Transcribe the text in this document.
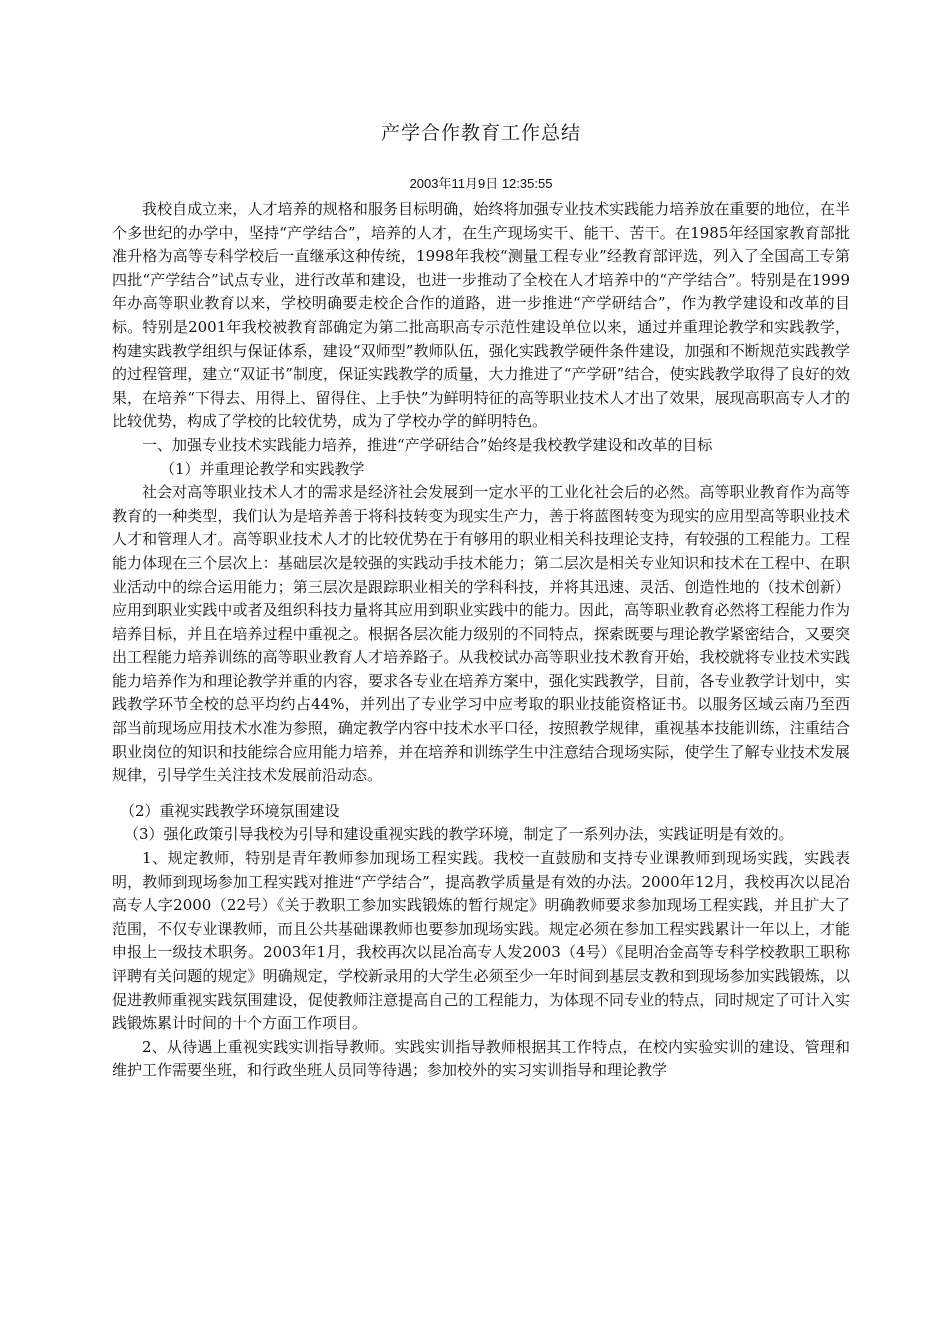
产学合作教育工作总结
2003年11月9日 12:35:55

我校自成立来，人才培养的规格和服务目标明确，始终将加强专业技术实践能力培养放在重要的地位，在半个多世纪的办学中，坚持“产学结合”，培养的人才，在生产现场实干、能干、苦干。在1985年经国家教育部批准升格为高等专科学校后一直继承这种传统，1998年我校“测量工程专业”经教育部评选，列入了全国高工专第四批“产学结合”试点专业，进行改革和建设，也进一步推动了全校在人才培养中的“产学结合”。特别是在1999年办高等职业教育以来，学校明确要走校企合作的道路，进一步推进“产学研结合”，作为教学建设和改革的目标。特别是2001年我校被教育部确定为第二批高职高专示范性建设单位以来，通过并重理论教学和实践教学，构建实践教学组织与保证体系，建设“双师型”教师队伍，强化实践教学硬件条件建设，加强和不断规范实践教学的过程管理，建立“双证书”制度，保证实践教学的质量，大力推进了“产学研”结合，使实践教学取得了良好的效果，在培养“下得去、用得上、留得住、上手快”为鲜明特征的高等职业技术人才出了效果，展现高职高专人才的比较优势，构成了学校的比较优势，成为了学校办学的鲜明特色。

一、加强专业技术实践能力培养，推进“产学研结合”始终是我校教学建设和改革的目标

（1）并重理论教学和实践教学

社会对高等职业技术人才的需求是经济社会发展到一定水平的工业化社会后的必然。高等职业教育作为高等教育的一种类型，我们认为是培养善于将科技转变为现实生产力，善于将蓝图转变为现实的应用型高等职业技术人才和管理人才。高等职业技术人才的比较优势在于有够用的职业相关科技理论支持，有较强的工程能力。工程能力体现在三个层次上：基础层次是较强的实践动手技术能力；第二层次是相关专业知识和技术在工程中、在职业活动中的综合运用能力；第三层次是跟踪职业相关的学科科技，并将其迅速、灵活、创造性地的（技术创新）应用到职业实践中或者及组织科技力量将其应用到职业实践中的能力。因此，高等职业教育必然将工程能力作为培养目标，并且在培养过程中重视之。根据各层次能力级别的不同特点，探索既要与理论教学紧密结合，又要突出工程能力培养训练的高等职业教育人才培养路子。从我校试办高等职业技术教育开始，我校就将专业技术实践能力培养作为和理论教学并重的内容，要求各专业在培养方案中，强化实践教学，目前，各专业教学计划中，实践教学环节全校的总平均约占44%，并列出了专业学习中应考取的职业技能资格证书。以服务区域云南乃至西部当前现场应用技术水准为参照，确定教学内容中技术水平口径，按照教学规律，重视基本技能训练，注重结合职业岗位的知识和技能综合应用能力培养，并在培养和训练学生中注意结合现场实际，使学生了解专业技术发展规律，引导学生关注技术发展前沿动态。

（2）重视实践教学环境氛围建设

（3）强化政策引导我校为引导和建设重视实践的教学环境，制定了一系列办法，实践证明是有效的。

1、规定教师，特别是青年教师参加现场工程实践。我校一直鼓励和支持专业课教师到现场实践，实践表明，教师到现场参加工程实践对推进“产学结合”，提高教学质量是有效的办法。2000年12月，我校再次以昆冶高专人字2000（22号）《关于教职工参加实践锻炼的暂行规定》明确教师要求参加现场工程实践，并且扩大了范围，不仅专业课教师，而且公共基础课教师也要参加现场实践。规定必须在参加工程实践累计一年以上，才能申报上一级技术职务。2003年1月，我校再次以昆冶高专人发2003（4号）《昆明冶金高等专科学校教职工职称评聘有关问题的规定》明确规定，学校新录用的大学生必须至少一年时间到基层支教和到现场参加实践锻炼，以促进教师重视实践氛围建设，促使教师注意提高自己的工程能力，为体现不同专业的特点，同时规定了可计入实践锻炼累计时间的十个方面工作项目。

2、从待遇上重视实践实训指导教师。实践实训指导教师根据其工作特点，在校内实验实训的建设、管理和维护工作需要坐班，和行政坐班人员同等待遇；参加校外的实习实训指导和理论教学
